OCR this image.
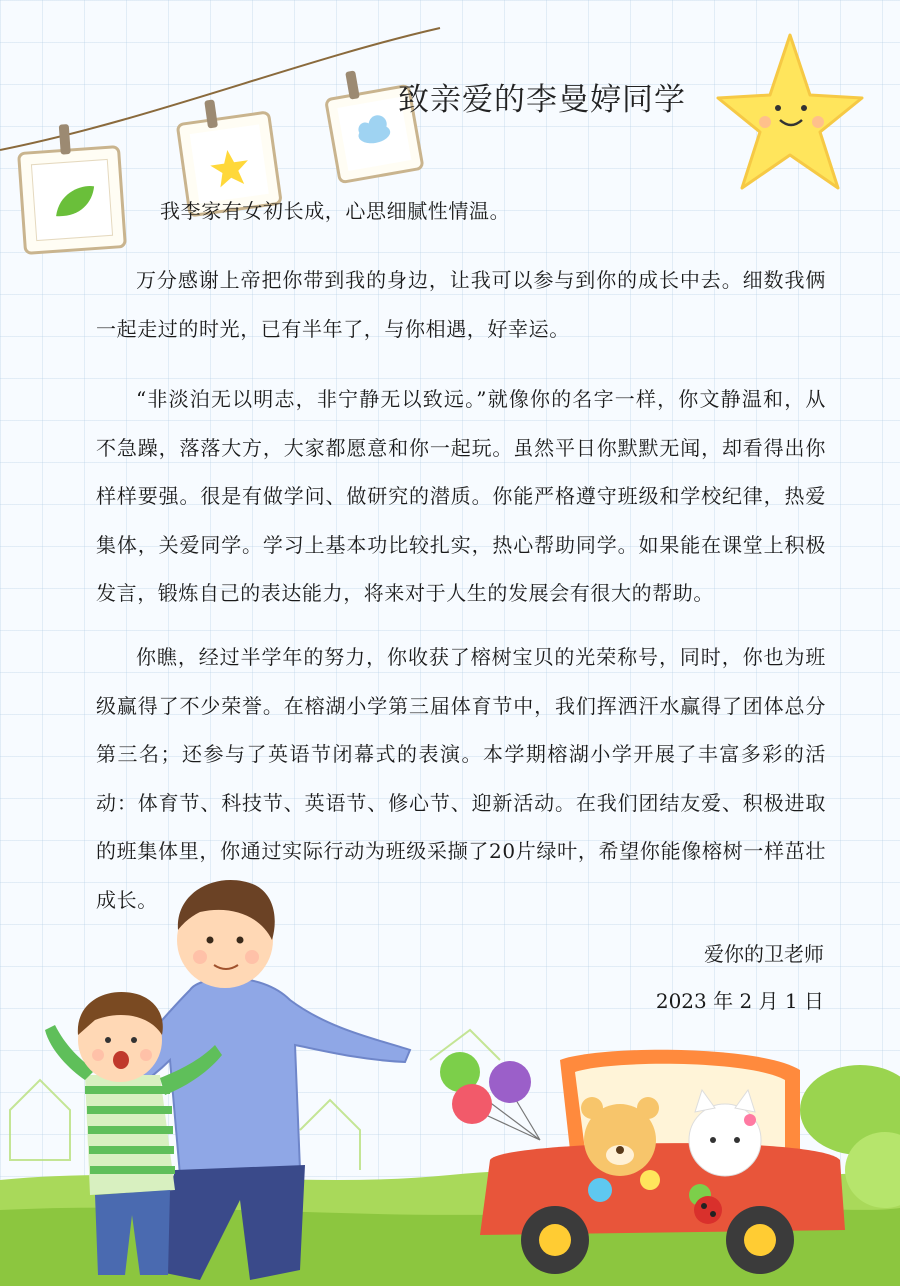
致亲爱的李曼婷同学

我李家有女初长成，心思细腻性情温。

万分感谢上帝把你带到我的身边，让我可以参与到你的成长中去。细数我俩一起走过的时光，已有半年了，与你相遇，好幸运。

“非淡泊无以明志，非宁静无以致远。”就像你的名字一样，你文静温和，从不急躁，落落大方，大家都愿意和你一起玩。虽然平日你默默无闻，却看得出你样样要强。很是有做学问、做研究的潜质。你能严格遵守班级和学校纪律，热爱集体，关爱同学。学习上基本功比较扎实，热心帮助同学。如果能在课堂上积极发言，锻炼自己的表达能力，将来对于人生的发展会有很大的帮助。

你瞧，经过半学年的努力，你收获了榕树宝贝的光荣称号，同时，你也为班级赢得了不少荣誉。在榕湖小学第三届体育节中，我们挥洒汗水赢得了团体总分第三名；还参与了英语节闭幕式的表演。本学期榕湖小学开展了丰富多彩的活动：体育节、科技节、英语节、修心节、迎新活动。在我们团结友爱、积极进取的班集体里，你通过实际行动为班级采撷了20片绿叶，希望你能像榕树一样茁壮成长。

爱你的卫老师
2023 年 2 月 1 日
